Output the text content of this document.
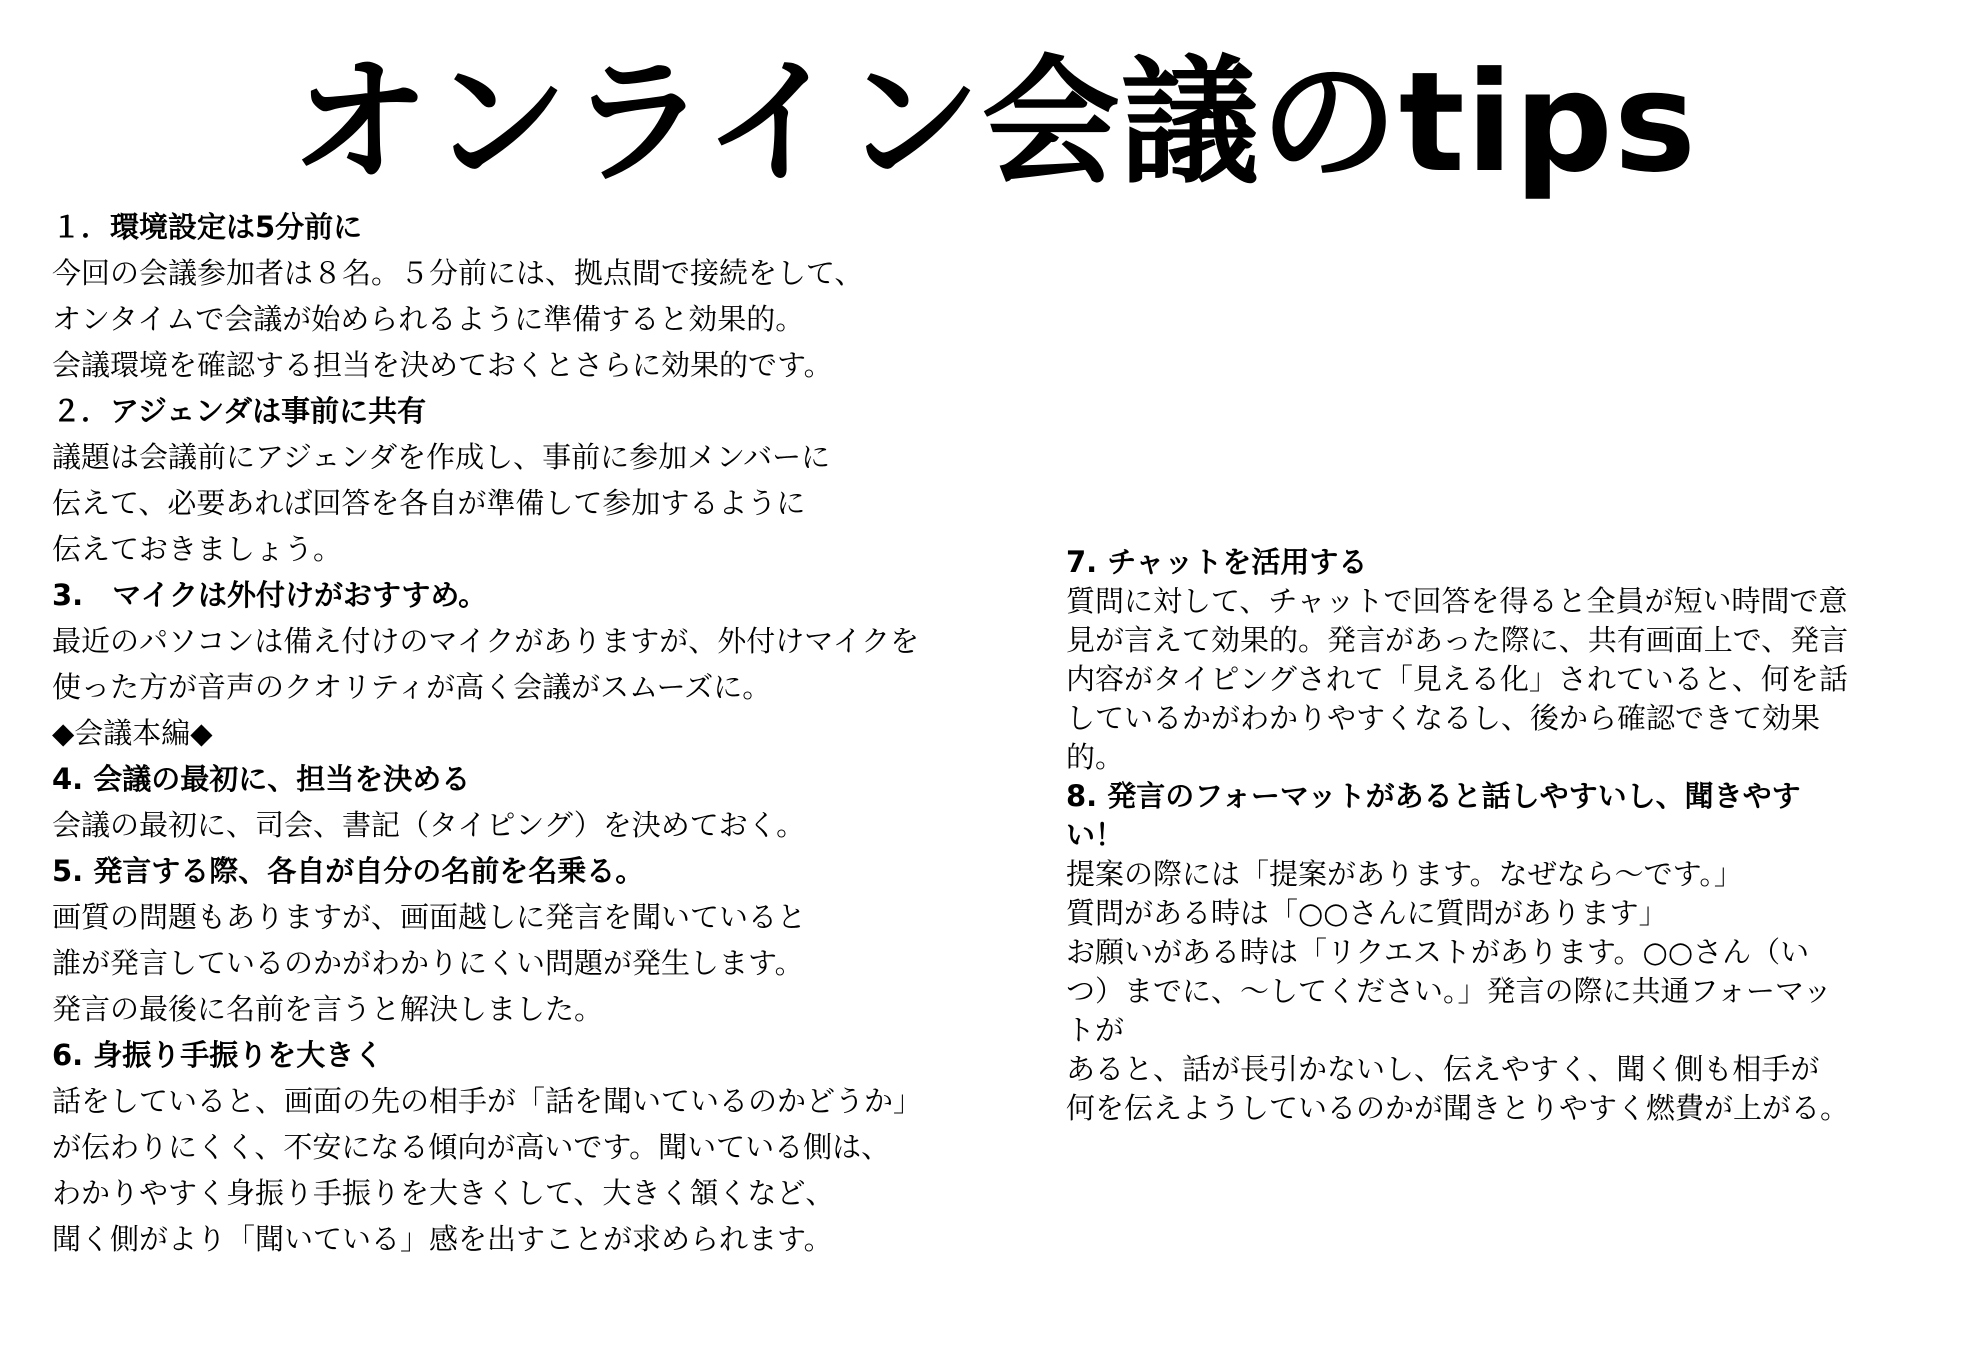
オンライン会議のtips
１．環境設定は5分前に
今回の会議参加者は８名。５分前には、拠点間で接続をして、
オンタイムで会議が始められるように準備すると効果的。
会議環境を確認する担当を決めておくとさらに効果的です。
２．アジェンダは事前に共有
議題は会議前にアジェンダを作成し、事前に参加メンバーに
伝えて、必要あれば回答を各自が準備して参加するように
伝えておきましょう。
3.　マイクは外付けがおすすめ。
最近のパソコンは備え付けのマイクがありますが、外付けマイクを
使った方が音声のクオリティが高く会議がスムーズに。
◆会議本編◆
4. 会議の最初に、担当を決める
会議の最初に、司会、書記（タイピング）を決めておく。
5. 発言する際、各自が自分の名前を名乗る。
画質の問題もありますが、画面越しに発言を聞いていると
誰が発言しているのかがわかりにくい問題が発生します。
発言の最後に名前を言うと解決しました。
6. 身振り手振りを大きく
話をしていると、画面の先の相手が「話を聞いているのかどうか」
が伝わりにくく、不安になる傾向が高いです。聞いている側は、
わかりやすく身振り手振りを大きくして、大きく頷くなど、
聞く側がより「聞いている」感を出すことが求められます。
7. チャットを活用する
質問に対して、チャットで回答を得ると全員が短い時間で意
見が言えて効果的。発言があった際に、共有画面上で、発言
内容がタイピングされて「見える化」されていると、何を話
しているかがわかりやすくなるし、後から確認できて効果
的。
8. 発言のフォーマットがあると話しやすいし、聞きやす
い！
提案の際には「提案があります。なぜなら〜です。」
質問がある時は「○○さんに質問があります」
お願いがある時は「リクエストがあります。○○さん（い
つ）までに、〜してください。」発言の際に共通フォーマッ
トが
あると、話が長引かないし、伝えやすく、聞く側も相手が
何を伝えようしているのかが聞きとりやすく燃費が上がる。
